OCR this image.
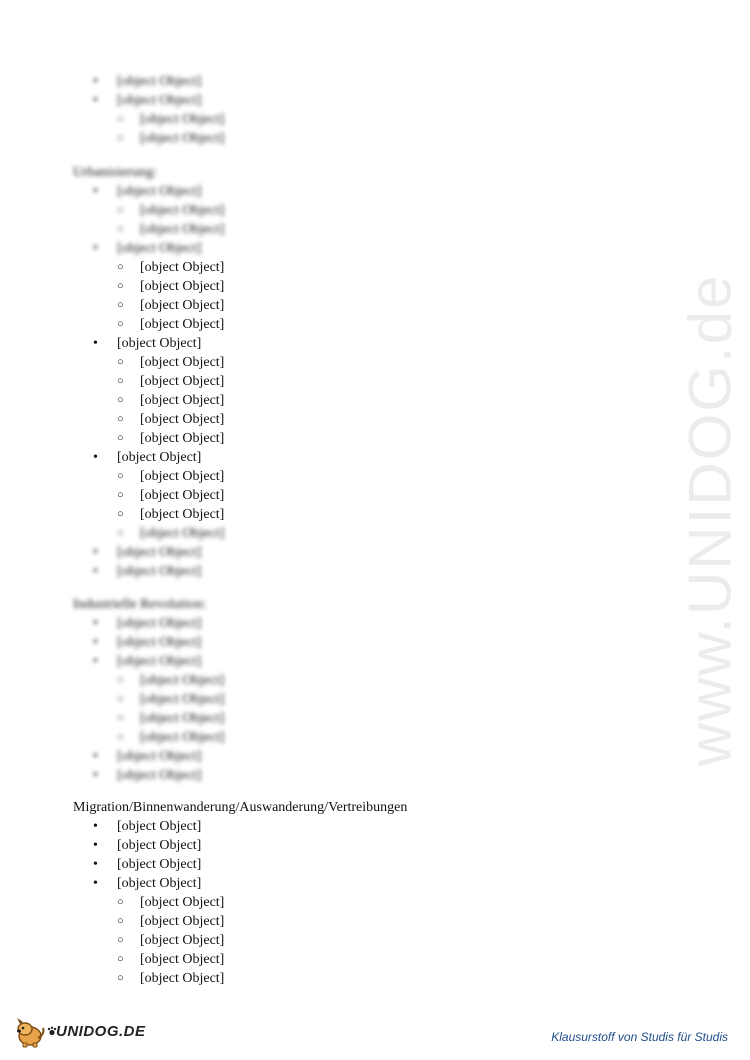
www.UNIDOG.de
• [object Object]
• [object Object]
○ [object Object]
○ [object Object]
Urbanisierung:
• [object Object]
○ [object Object]
○ [object Object]
• [object Object]
○ [object Object]
○ [object Object]
○ [object Object]
○ [object Object]
• [object Object]
○ [object Object]
○ [object Object]
○ [object Object]
○ [object Object]
○ [object Object]
• [object Object]
○ [object Object]
○ [object Object]
○ [object Object]
○ [object Object]
• [object Object]
• [object Object]
Industrielle Revolution:
• [object Object]
• [object Object]
• [object Object]
○ [object Object]
○ [object Object]
○ [object Object]
○ [object Object]
• [object Object]
• [object Object]
Migration/Binnenwanderung/Auswanderung/Vertreibungen
• [object Object]
• [object Object]
• [object Object]
• [object Object]
○ [object Object]
○ [object Object]
○ [object Object]
○ [object Object]
○ [object Object]
UNIDOG.DE	Klausurstoff von Studis für Studis
